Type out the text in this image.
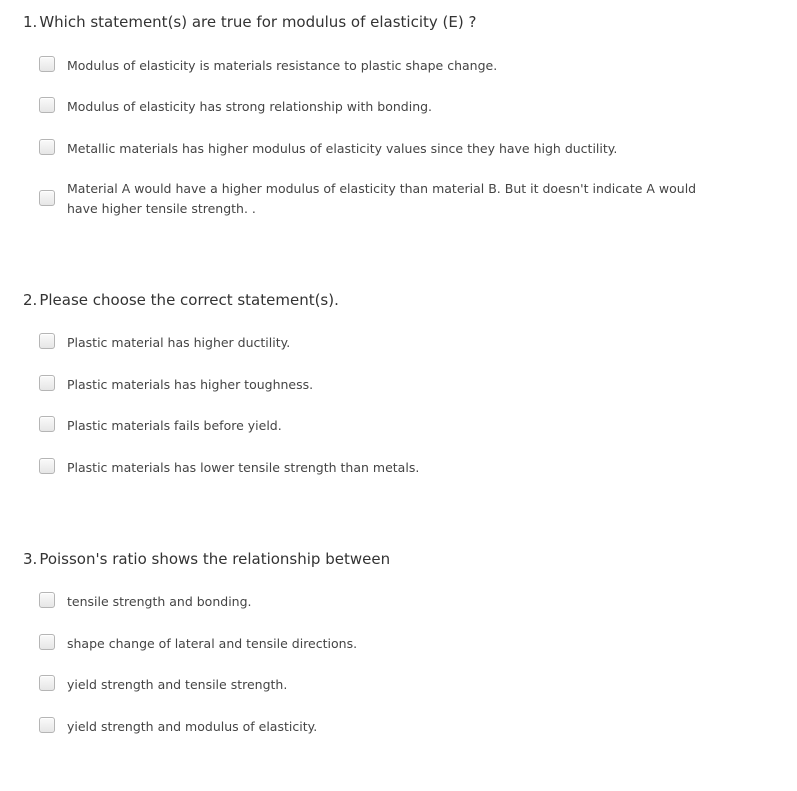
1. Which statement(s) are true for modulus of elasticity (E) ?
Modulus of elasticity is materials resistance to plastic shape change.
Modulus of elasticity has strong relationship with bonding.
Metallic materials has higher modulus of elasticity values since they have high ductility.
Material A would have a higher modulus of elasticity than material B. But it doesn't indicate A would have higher tensile strength. .
2. Please choose the correct statement(s).
Plastic material has higher ductility.
Plastic materials has higher toughness.
Plastic materials fails before yield.
Plastic materials has lower tensile strength than metals.
3. Poisson's ratio shows the relationship between
tensile strength and bonding.
shape change of lateral and tensile directions.
yield strength and tensile strength.
yield strength and modulus of elasticity.
